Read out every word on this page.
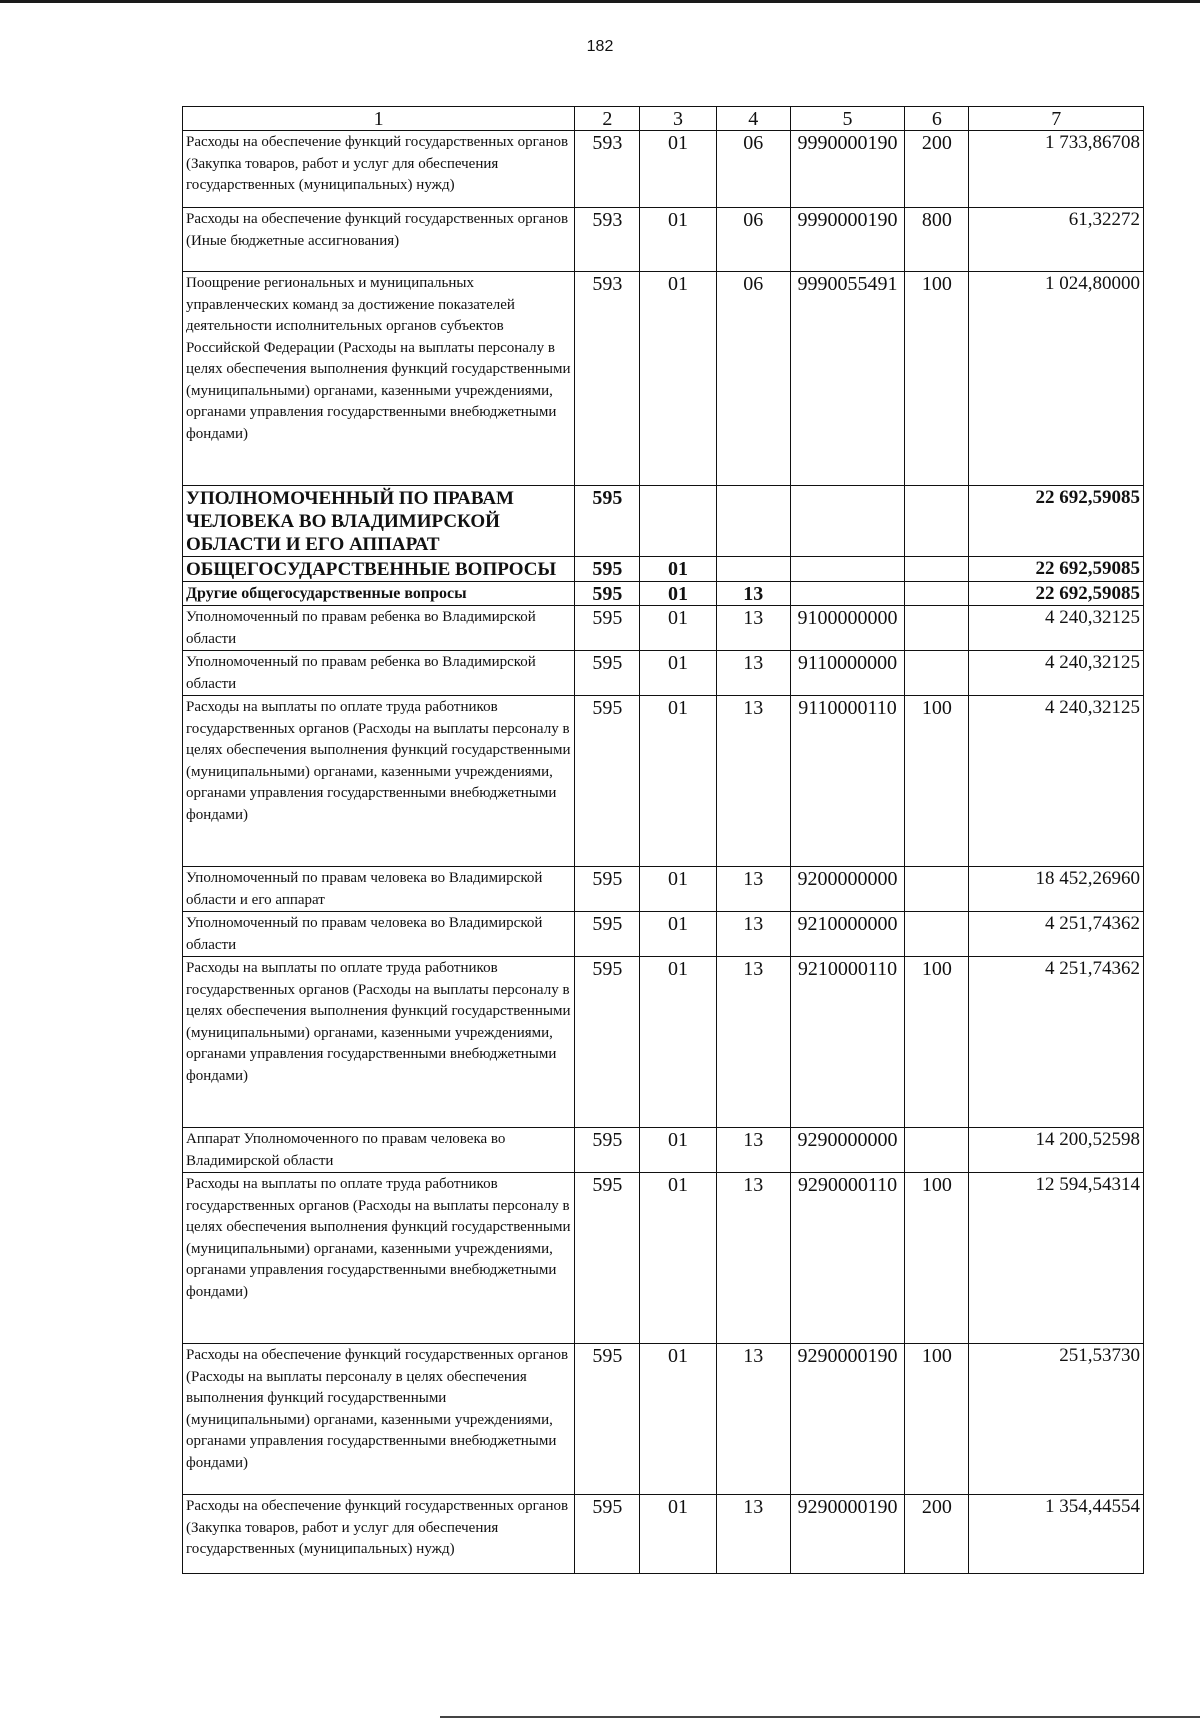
182
1	2	3	4	5	6	7
Расходы на обеспечение функций государственных органов (Закупка товаров, работ и услуг для обеспечения государственных (муниципальных) нужд)	593	01	06	9990000190	200	1 733,86708
Расходы на обеспечение функций государственных органов (Иные бюджетные ассигнования)	593	01	06	9990000190	800	61,32272
Поощрение региональных и муниципальных управленческих команд за достижение показателей деятельности исполнительных органов субъектов Российской Федерации (Расходы на выплаты персоналу в целях обеспечения выполнения функций государственными (муниципальными) органами, казенными учреждениями, органами управления государственными внебюджетными фондами)	593	01	06	9990055491	100	1 024,80000
УПОЛНОМОЧЕННЫЙ ПО ПРАВАМ ЧЕЛОВЕКА ВО ВЛАДИМИРСКОЙ ОБЛАСТИ И ЕГО АППАРАТ	595					22 692,59085
ОБЩЕГОСУДАРСТВЕННЫЕ ВОПРОСЫ	595	01				22 692,59085
Другие общегосударственные вопросы	595	01	13			22 692,59085
Уполномоченный по правам ребенка во Владимирской области	595	01	13	9100000000		4 240,32125
Уполномоченный по правам ребенка во Владимирской области	595	01	13	9110000000		4 240,32125
Расходы на выплаты по оплате труда работников государственных органов (Расходы на выплаты персоналу в целях обеспечения выполнения функций государственными (муниципальными) органами, казенными учреждениями, органами управления государственными внебюджетными фондами)	595	01	13	9110000110	100	4 240,32125
Уполномоченный по правам человека во Владимирской области и его аппарат	595	01	13	9200000000		18 452,26960
Уполномоченный по правам человека во Владимирской области	595	01	13	9210000000		4 251,74362
Расходы на выплаты по оплате труда работников государственных органов (Расходы на выплаты персоналу в целях обеспечения выполнения функций государственными (муниципальными) органами, казенными учреждениями, органами управления государственными внебюджетными фондами)	595	01	13	9210000110	100	4 251,74362
Аппарат Уполномоченного по правам человека во Владимирской области	595	01	13	9290000000		14 200,52598
Расходы на выплаты по оплате труда работников государственных органов (Расходы на выплаты персоналу в целях обеспечения выполнения функций государственными (муниципальными) органами, казенными учреждениями, органами управления государственными внебюджетными фондами)	595	01	13	9290000110	100	12 594,54314
Расходы на обеспечение функций государственных органов (Расходы на выплаты персоналу в целях обеспечения выполнения функций государственными (муниципальными) органами, казенными учреждениями, органами управления государственными внебюджетными фондами)	595	01	13	9290000190	100	251,53730
Расходы на обеспечение функций государственных органов (Закупка товаров, работ и услуг для обеспечения государственных (муниципальных) нужд)	595	01	13	9290000190	200	1 354,44554
